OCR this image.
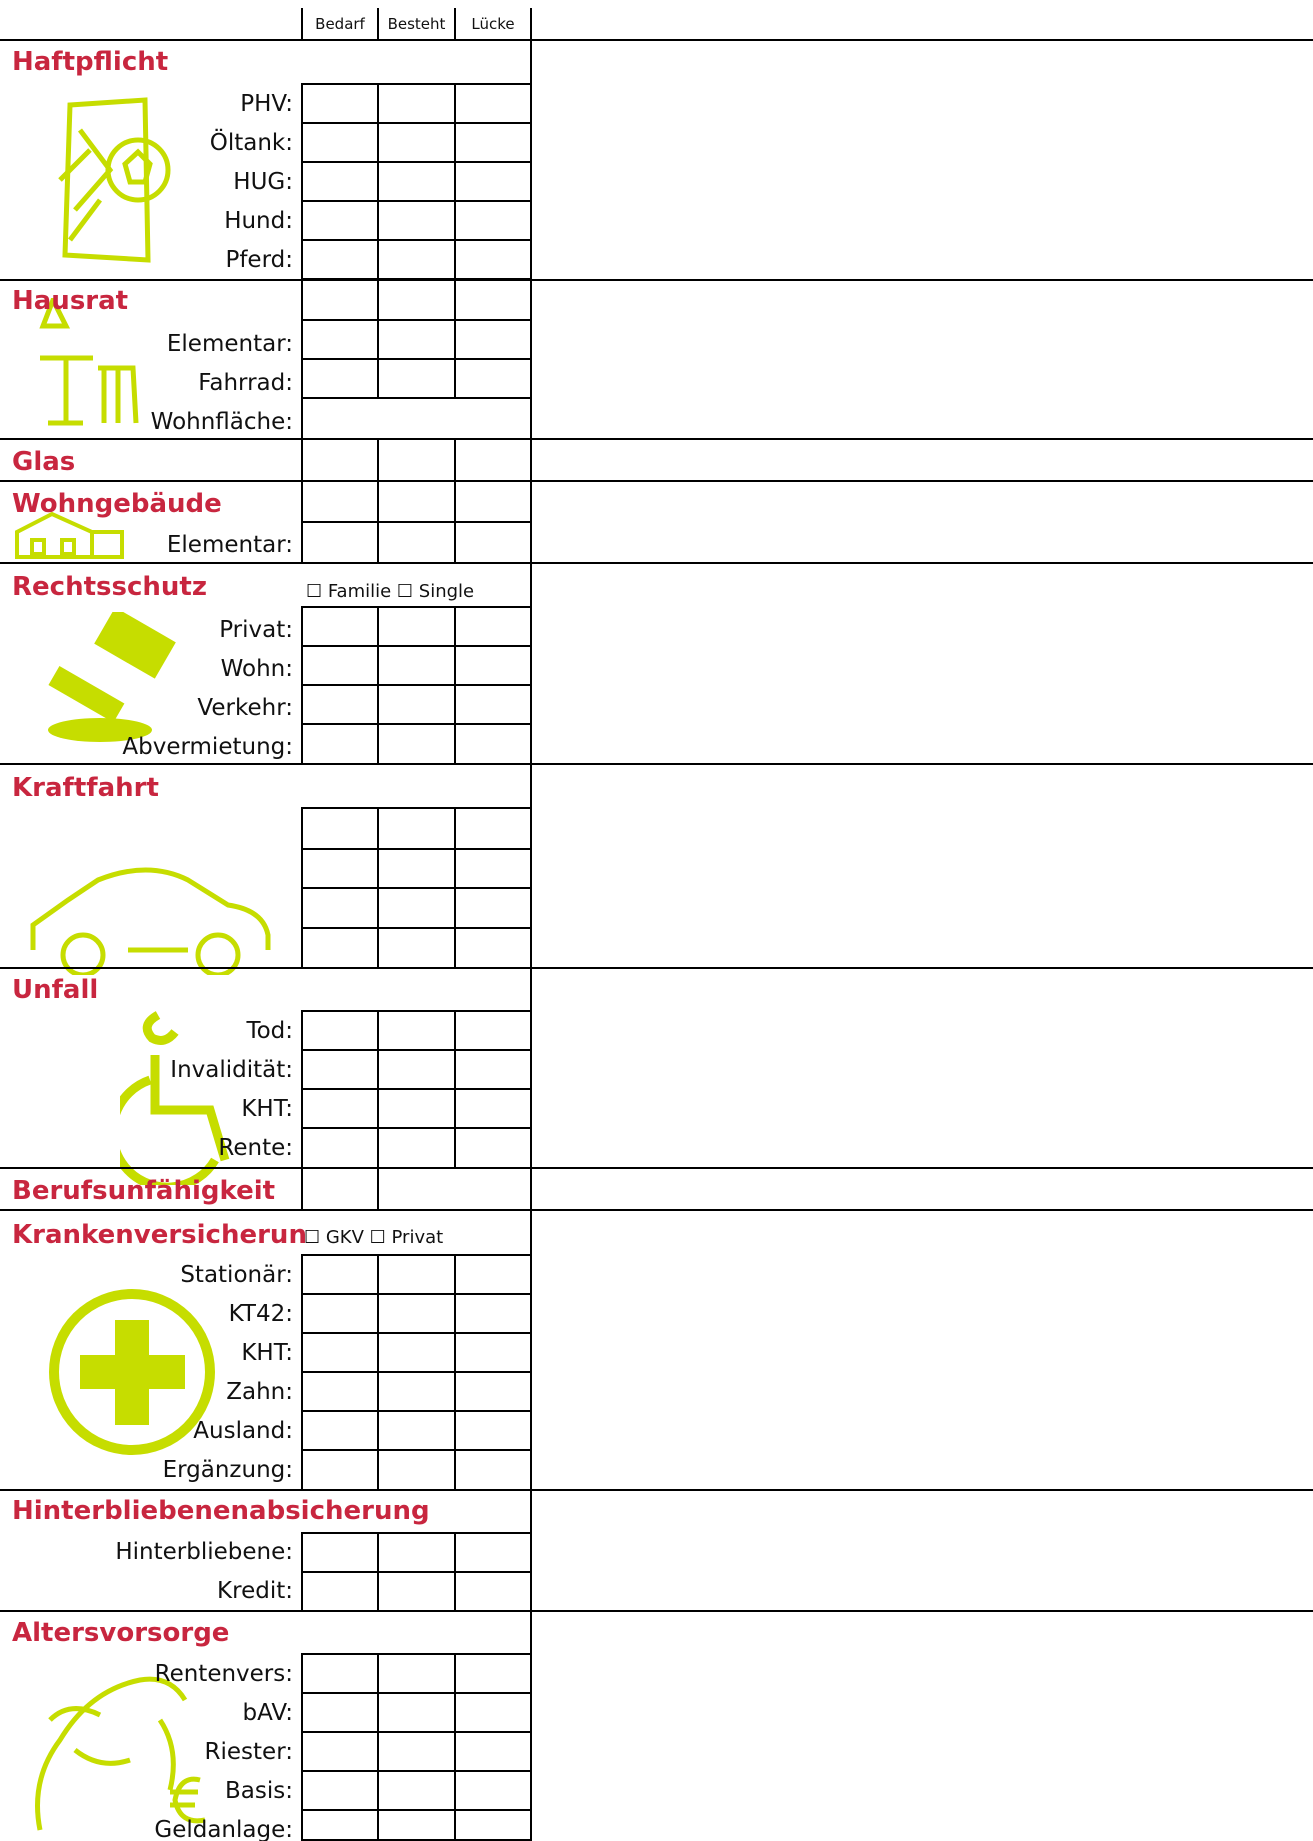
Bedarf	Besteht	Lücke
Haftpflicht
PHV:
Öltank:
HUG:
Hund:
Pferd:
Hausrat
Elementar:
Fahrrad:
Wohnfläche:
Glas
Wohngebäude
Elementar:
Rechtsschutz	☐ Familie ☐ Single
Privat:
Wohn:
Verkehr:
Abvermietung:
Kraftfahrt
Unfall
Tod:
Invalidität:
KHT:
Rente:
Berufsunfähigkeit
Krankenversicherun
☐ GKV ☐ Privat
Stationär:
KT42:
KHT:
Zahn:
Ausland:
Ergänzung:
Hinterbliebenenabsicherung
Hinterbliebene:
Kredit:
Altersvorsorge
Rentenvers:
bAV:
Riester:
Basis:
Geldanlage:
